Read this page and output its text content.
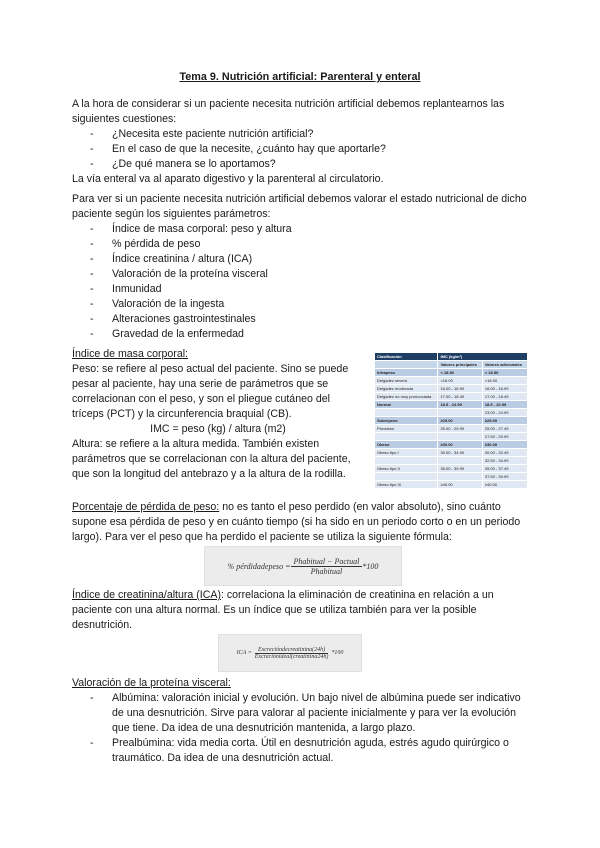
Tema 9. Nutrición artificial: Parenteral y enteral

A la hora de considerar si un paciente necesita nutrición artificial debemos replantearnos las siguientes cuestiones:

- ¿Necesita este paciente nutrición artificial?
- En el caso de que la necesite, ¿cuánto hay que aportarle?
- ¿De qué manera se lo aportamos?

La vía enteral va al aparato digestivo y la parenteral al circulatorio.

Para ver si un paciente necesita nutrición artificial debemos valorar el estado nutricional de dicho paciente según los siguientes parámetros:

- Índice de masa corporal: peso y altura
- % pérdida de peso
- Índice creatinina / altura (ICA)
- Valoración de la proteína visceral
- Inmunidad
- Valoración de la ingesta
- Alteraciones gastrointestinales
- Gravedad de la enfermedad

Índice de masa corporal:

Peso: se refiere al peso actual del paciente. Sino se puede pesar al paciente, hay una serie de parámetros que se correlacionan con el peso, y son el pliegue cutáneo del tríceps (PCT) y la circunferencia braquial (CB).

IMC = peso (kg) / altura (m2)

Altura: se refiere a la altura medida. También existen parámetros que se correlacionan con la altura del paciente, que son la longitud del antebrazo y a la altura de la rodilla.

Porcentaje de pérdida de peso: no es tanto el peso perdido (en valor absoluto), sino cuánto supone esa pérdida de peso y en cuánto tiempo (si ha sido en un periodo corto o en un periodo largo). Para ver el peso que ha perdido el paciente se utiliza la siguiente fórmula:

Índice de creatinina/altura (ICA): correlaciona la eliminación de creatinina en relación a un paciente con una altura normal. Es un índice que se utiliza también para ver la posible desnutrición.

Valoración de la proteína visceral:

- Albúmina: valoración inicial y evolución. Un bajo nivel de albúmina puede ser indicativo de una desnutrición. Sirve para valorar al paciente inicialmente y para ver la evolución que tiene. Da idea de una desnutrición mantenida, a largo plazo.
- Prealbúmina: vida media corta. Útil en desnutrición aguda, estrés agudo quirúrgico o traumático. Da idea de una desnutrición actual.
% pérdidadepeso = $\frac{\text{Phabitual − Pactual}}{\text{Phabitual}} *100$
ICA = $\frac{\text{Excrecióndecreatinina(24h)}}{\text{Excreciónideal(creatinina24h)}} *100$
Clasificación	IMC (kg/m²)	
	Valores principales	Valores adicionales
Infrapeso	< 18.50	< 18.50
Delgadez severa	<16.00	<16.00
Delgadez moderada	16.00 - 16.99	16.00 - 16.99
Delgadez no muy pronunciada	17.00 - 18.49	17.00 - 18.49
Normal	18.5 - 24.99	18.5 - 22.99
		23.00 - 24.99
Sobrepeso	≥25.00	≥25.00
Preobeso	25.00 - 29.99	25.00 - 27.49
		27.50 - 29.99
Obeso	≥30.00	≥30.00
Obeso tipo I	30.00 - 34.99	30.00 - 32.49
		32.50 - 34.99
Obeso tipo II	35.00 - 39.99	35.00 - 37.49
		37.50 - 39.99
Obeso tipo III	≥40.00	≥40.00
